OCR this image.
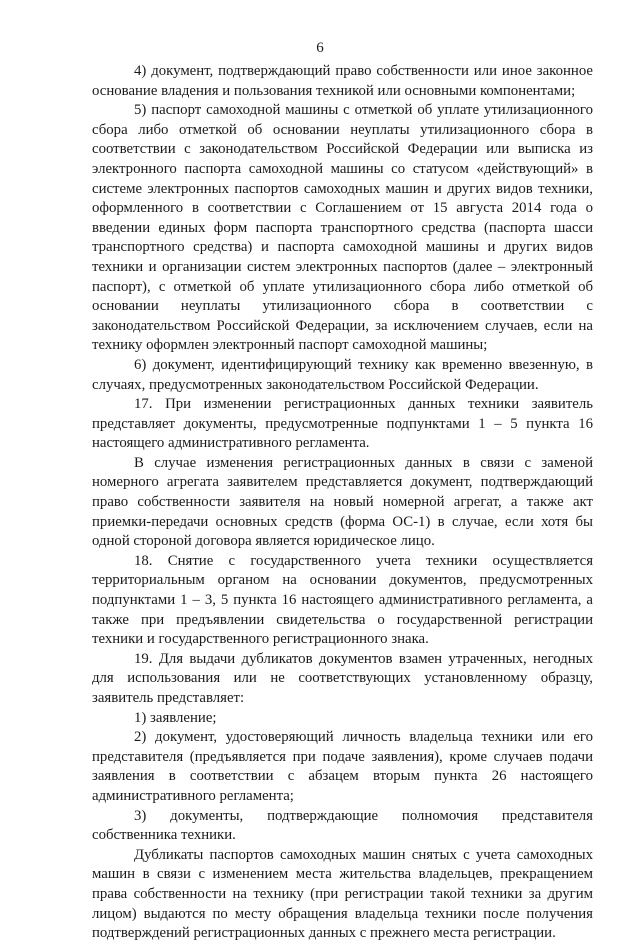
6

4) документ, подтверждающий право собственности или иное законное основание владения и пользования техникой или основными компонентами;

5) паспорт самоходной машины с отметкой об уплате утилизационного сбора либо отметкой об основании неуплаты утилизационного сбора в соответствии с законодательством Российской Федерации или выписка из электронного паспорта самоходной машины со статусом «действующий» в системе электронных паспортов самоходных машин и других видов техники, оформленного в соответствии с Соглашением от 15 августа 2014 года о введении единых форм паспорта транспортного средства (паспорта шасси транспортного средства) и паспорта самоходной машины и других видов техники и организации систем электронных паспортов (далее – электронный паспорт), с отметкой об уплате утилизационного сбора либо отметкой об основании неуплаты утилизационного сбора в соответствии с законодательством Российской Федерации, за исключением случаев, если на технику оформлен электронный паспорт самоходной машины;

6) документ, идентифицирующий технику как временно ввезенную, в случаях, предусмотренных законодательством Российской Федерации.

17. При изменении регистрационных данных техники заявитель представляет документы, предусмотренные подпунктами 1 – 5 пункта 16 настоящего административного регламента.

В случае изменения регистрационных данных в связи с заменой номерного агрегата заявителем представляется документ, подтверждающий право собственности заявителя на новый номерной агрегат, а также акт приемки-передачи основных средств (форма ОС-1) в случае, если хотя бы одной стороной договора является юридическое лицо.

18. Снятие с государственного учета техники осуществляется территориальным органом на основании документов, предусмотренных подпунктами 1 – 3, 5 пункта 16 настоящего административного регламента, а также при предъявлении свидетельства о государственной регистрации техники и государственного регистрационного знака.

19. Для выдачи дубликатов документов взамен утраченных, негодных для использования или не соответствующих установленному образцу, заявитель представляет:

1) заявление;

2) документ, удостоверяющий личность владельца техники или его представителя (предъявляется при подаче заявления), кроме случаев подачи заявления в соответствии с абзацем вторым пункта 26 настоящего административного регламента;

3) документы, подтверждающие полномочия представителя собственника техники.

Дубликаты паспортов самоходных машин снятых с учета самоходных машин в связи с изменением места жительства владельцев, прекращением права собственности на технику (при регистрации такой техники за другим лицом) выдаются по месту обращения владельца техники после получения подтверждений регистрационных данных с прежнего места регистрации.
